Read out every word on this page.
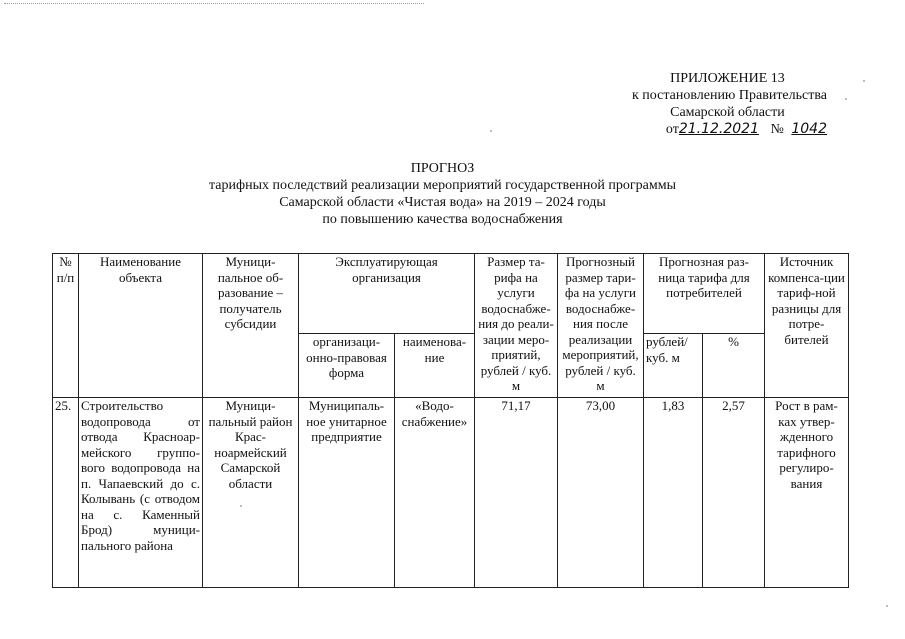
ПРИЛОЖЕНИЕ 13
к постановлению Правительства
Самарской области
от21.12.2021 № 1042
ПРОГНОЗ
тарифных последствий реализации мероприятий государственной программы
Самарской области «Чистая вода» на 2019 – 2024 годы
по повышению качества водоснабжения
№ п/п	Наименование объекта	Муници-пальное об-разование – получатель субсидии	Эксплуатирующая организация		Размер та-рифа на услуги водоснабже-ния до реали-зации меро-приятий, рублей / куб. м	Прогнозный размер тари-фа на услуги водоснабже-ния после реализации мероприятий, рублей / куб. м	Прогнозная раз-ница тарифа для потребителей		Источник компенса-ции тариф-ной разницы для потре-бителей
			организаци-онно-правовая форма	наименова-ние			рублей/ куб. м	%	
25.	Строительство водопровода от отвода Красноар-мейского группо-вого водопровода на п. Чапаевский до с. Колывань (с отводом на с. Каменный Брод) муници-пального района	Муници-пальный район Крас-ноармейский Самарской области	Муниципаль-ное унитарное предприятие	«Водо-снабжение»	71,17	73,00	1,83	2,57	Рост в рам-ках утвер-жденного тарифного регулиро-вания
